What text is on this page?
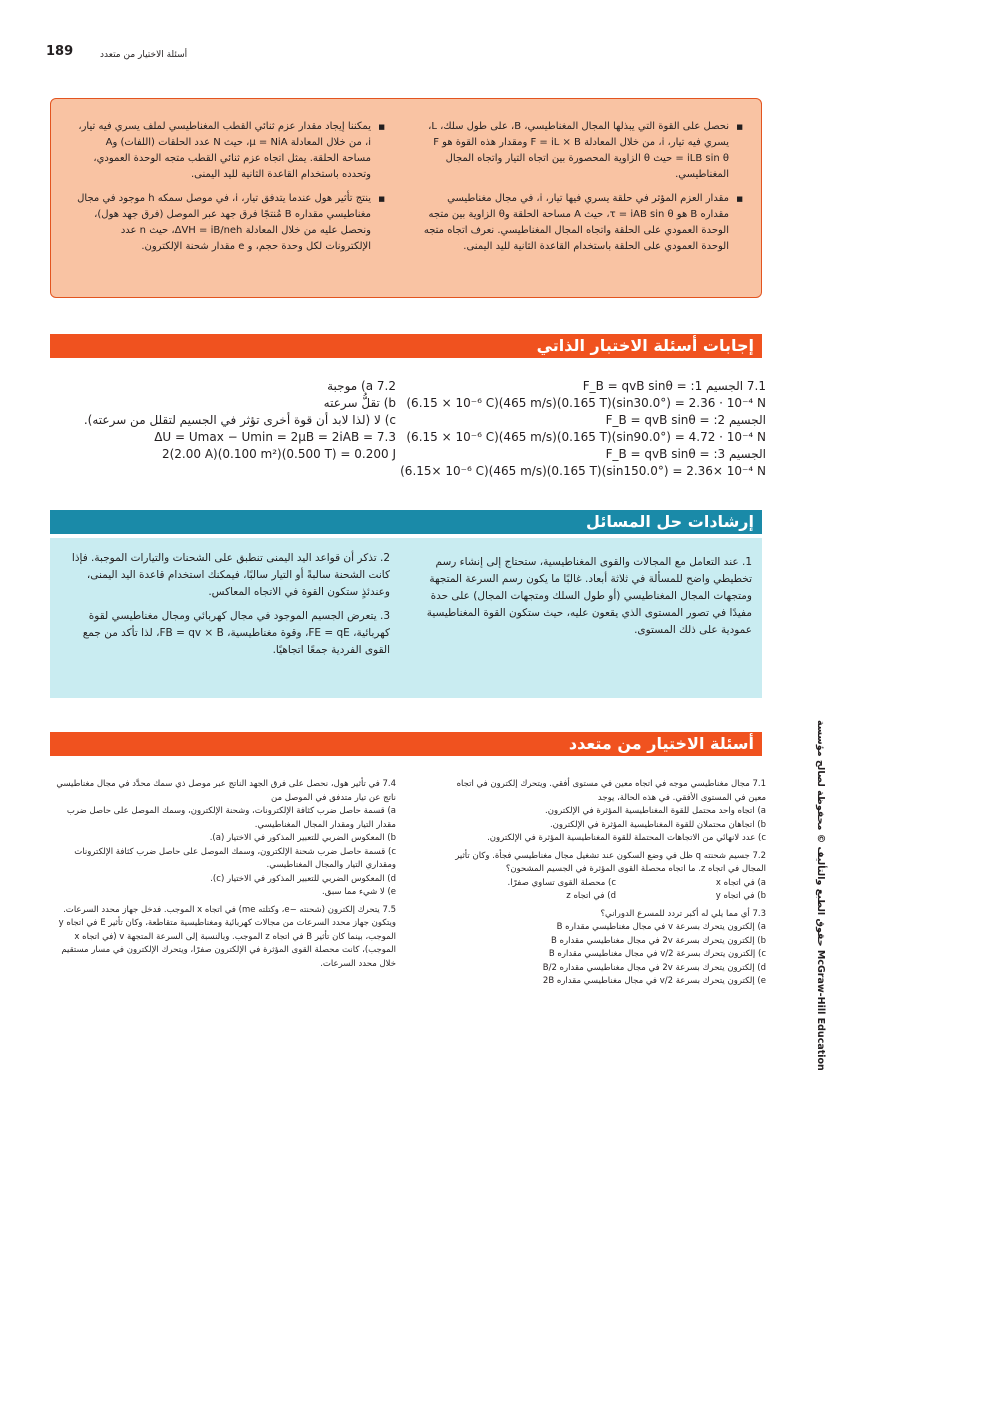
189	أسئلة الاختيار من متعدد
■ نحصل على القوة التي يبذلها المجال المغناطيسي، B، على طول سلك، L، يسري فيه تيار، i، من خلال المعادلة F = iL × B ومقدار هذه القوة هو F = iLB sin θ حيث θ الزاوية المحصورة بين اتجاه التيار واتجاه المجال المغناطيسي.
■ مقدار العزم المؤثر في حلقة يسري فيها تيار، i، في مجال مغناطيسي مقداره B هو τ = iAB sin θ، حيث A مساحة الحلقة وθ الزاوية بين متجه الوحدة العمودي على الحلقة واتجاه المجال المغناطيسي. نعرف اتجاه متجه الوحدة العمودي على الحلقة باستخدام القاعدة الثانية لليد اليمنى.
■ يمكننا إيجاد مقدار عزم ثنائي القطب المغناطيسي لملف يسري فيه تيار، i، من خلال المعادلة μ = NiA، حيث N عدد الحلقات (اللفات) وA مساحة الحلقة. يمثل اتجاه عزم ثنائي القطب متجه الوحدة العمودي، وتحدده باستخدام القاعدة الثانية لليد اليمنى.
■ ينتج تأثير هول عندما يتدفق تيار، i، في موصل سمكه h موجود في مجال مغناطيسي مقداره B مُنتجًا فرق جهد عبر الموصل (فرق جهد هول)، ونحصل عليه من خلال المعادلة ΔVH = iB/neh، حيث n عدد الإلكترونات لكل وحدة حجم، و e مقدار شحنة الإلكترون.
إجابات أسئلة الاختبار الذاتي
7.1 الجسيم 1: F_B = qvB sinθ =
(6.15 × 10⁻⁶ C)(465 m/s)(0.165 T)(sin30.0°) = 2.36 · 10⁻⁴ N
الجسيم 2: F_B = qvB sinθ =
(6.15 × 10⁻⁶ C)(465 m/s)(0.165 T)(sin90.0°) = 4.72 · 10⁻⁴ N
الجسيم 3: F_B = qvB sinθ =
(6.15× 10⁻⁶ C)(465 m/s)(0.165 T)(sin150.0°) = 2.36× 10⁻⁴ N
7.2 a) موجبة
b) تقلُّ سرعته
c) لا (لذا لابد أن قوة أخرى تؤثر في الجسيم لتقلل من سرعته).
7.3 ΔU = Umax − Umin = 2μB = 2iAB =
2(2.00 A)(0.100 m²)(0.500 T) = 0.200 J
إرشادات حل المسائل
1. عند التعامل مع المجالات والقوى المغناطيسية، ستحتاج إلى إنشاء رسم تخطيطي واضح للمسألة في ثلاثة أبعاد. غالبًا ما يكون رسم السرعة المتجهة ومتجهات المجال المغناطيسي (أو طول السلك ومتجهات المجال) على حدة مفيدًا في تصور المستوى الذي يقعون عليه، حيث ستكون القوة المغناطيسية عمودية على ذلك المستوى.
2. تذكر أن قواعد اليد اليمنى تنطبق على الشحنات والتيارات الموجبة. فإذا كانت الشحنة سالبةً أو التيار سالبًا، فيمكنك استخدام قاعدة اليد اليمنى، وعندئذٍ ستكون القوة في الاتجاه المعاكس.
3. يتعرض الجسيم الموجود في مجال كهربائي ومجال مغناطيسي لقوة كهربائية، FE = qE، وقوة مغناطيسية، FB = qv × B، لذا تأكد من جمع القوى الفردية جمعًا اتجاهيًا.
أسئلة الاختيار من متعدد

7.1 مجال مغناطيسي موجه في اتجاه معين في مستوى أفقي. ويتحرك إلكترون في اتجاه معين في المستوى الأفقي. في هذه الحالة، يوجد

a) اتجاه واحد محتمل للقوة المغناطيسية المؤثرة في الإلكترون.

b) اتجاهان محتملان للقوة المغناطيسية المؤثرة في الإلكترون.

c) عدد لانهائي من الاتجاهات المحتملة للقوة المغناطيسية المؤثرة في الإلكترون.

7.2 جسيم شحنته q ظل في وضع السكون عند تشغيل مجال مغناطيسي فجأة. وكان تأثير المجال في اتجاه z. ما اتجاه محصلة القوى المؤثرة في الجسيم المشحون؟

a) في اتجاه x

c) محصلة القوى تساوي صفرًا.

b) في اتجاه y

d) في اتجاه z

7.3 أي مما يلي له أكبر تردد للمسرع الدوراني؟

a) إلكترون يتحرك بسرعة v في مجال مغناطيسي مقداره B

b) إلكترون يتحرك بسرعة 2v في مجال مغناطيسي مقداره B

c) إلكترون يتحرك بسرعة v/2 في مجال مغناطيسي مقداره B

d) إلكترون يتحرك بسرعة 2v في مجال مغناطيسي مقداره B/2

e) إلكترون يتحرك بسرعة v/2 في مجال مغناطيسي مقداره 2B

7.4 في تأثير هول، نحصل على فرق الجهد الناتج عبر موصل ذي سمك محدَّد في مجال مغناطيسي ناتج عن تيار متدفق في الموصل من

a) قسمة حاصل ضرب كثافة الإلكترونات، وشحنة الإلكترون، وسمك الموصل على حاصل ضرب مقدار التيار ومقدار المجال المغناطيسي.

b) المعكوس الضربي للتعبير المذكور في الاختيار (a).

c) قسمة حاصل ضرب شحنة الإلكترون، وسمك الموصل على حاصل ضرب كثافة الإلكترونات ومقداري التيار والمجال المغناطيسي.

d) المعكوس الضربي للتعبير المذكور في الاختيار (c).

e) لا شيء مما سبق.

7.5 يتحرك إلكترون (شحنته −e، وكتلته me) في اتجاه x الموجب. فدخل جهاز محدد السرعات. ويتكون جهاز محدد السرعات من مجالات كهربائية ومغناطيسية متقاطعة، وكان تأثير E في اتجاه y الموجب، بينما كان تأثير B في اتجاه z الموجب. وبالنسبة إلى السرعة المتجهة v (في اتجاه x الموجب)، كانت محصلة القوى المؤثرة في الإلكترون صفرًا، ويتحرك الإلكترون في مسار مستقيم خلال محدد السرعات.

حقوق الطبع والتأليف © محفوظة لصالح مؤسسة McGraw-Hill Education
